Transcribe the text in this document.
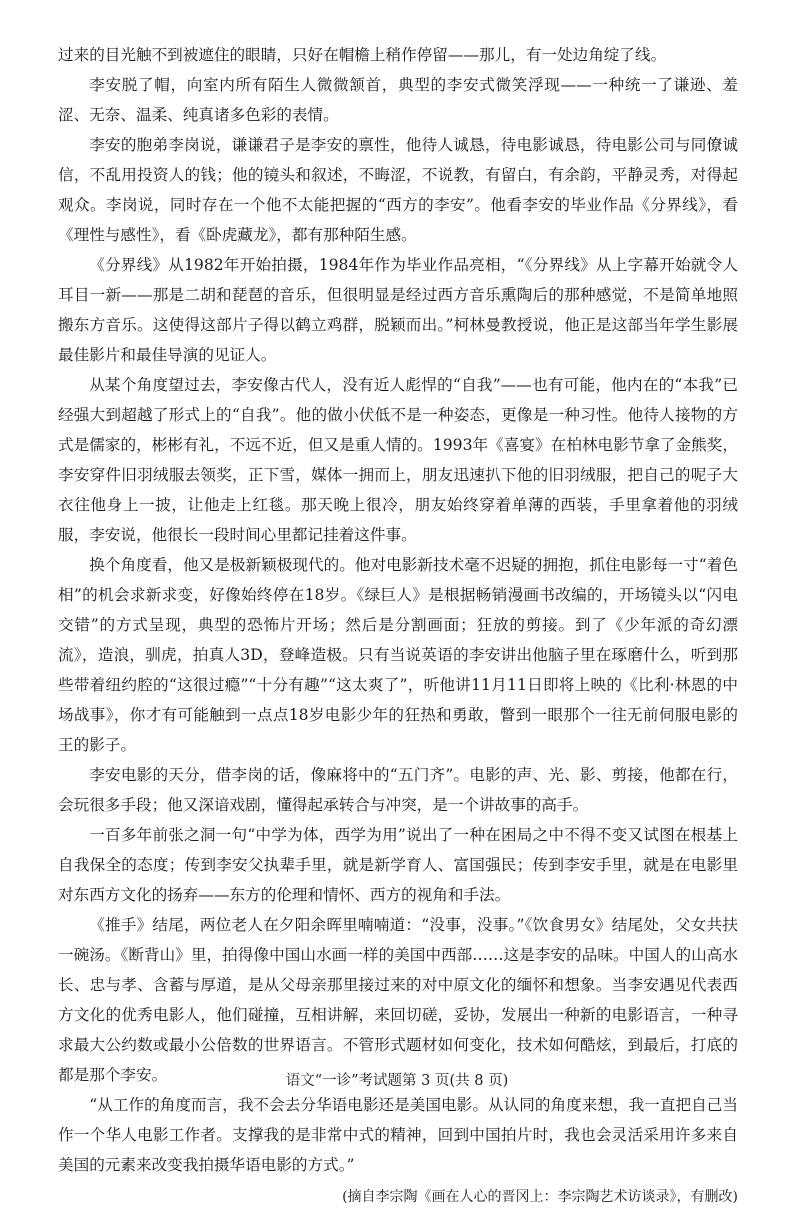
过来的目光触不到被遮住的眼睛，只好在帽檐上稍作停留——那儿，有一处边角绽了线。

李安脱了帽，向室内所有陌生人微微颔首，典型的李安式微笑浮现——一种统一了谦逊、羞涩、无奈、温柔、纯真诸多色彩的表情。

李安的胞弟李岗说，谦谦君子是李安的禀性，他待人诚恳，待电影诚恳，待电影公司与同僚诚信，不乱用投资人的钱；他的镜头和叙述，不晦涩，不说教，有留白，有余韵，平静灵秀，对得起观众。李岗说，同时存在一个他不太能把握的“西方的李安”。他看李安的毕业作品《分界线》，看《理性与感性》，看《卧虎藏龙》，都有那种陌生感。

《分界线》从1982年开始拍摄，1984年作为毕业作品亮相，“《分界线》从上字幕开始就令人耳目一新——那是二胡和琵琶的音乐，但很明显是经过西方音乐熏陶后的那种感觉，不是简单地照搬东方音乐。这使得这部片子得以鹤立鸡群，脱颖而出。”柯林曼教授说，他正是这部当年学生影展最佳影片和最佳导演的见证人。

从某个角度望过去，李安像古代人，没有近人彪悍的“自我”——也有可能，他内在的“本我”已经强大到超越了形式上的“自我”。他的做小伏低不是一种姿态，更像是一种习性。他待人接物的方式是儒家的，彬彬有礼，不远不近，但又是重人情的。1993年《喜宴》在柏林电影节拿了金熊奖，李安穿件旧羽绒服去领奖，正下雪，媒体一拥而上，朋友迅速扒下他的旧羽绒服，把自己的呢子大衣往他身上一披，让他走上红毯。那天晚上很冷，朋友始终穿着单薄的西装，手里拿着他的羽绒服，李安说，他很长一段时间心里都记挂着这件事。

换个角度看，他又是极新颖极现代的。他对电影新技术毫不迟疑的拥抱，抓住电影每一寸“着色相”的机会求新求变，好像始终停在18岁。《绿巨人》是根据畅销漫画书改编的，开场镜头以“闪电交错”的方式呈现，典型的恐怖片开场；然后是分割画面；狂放的剪接。到了《少年派的奇幻漂流》，造浪，驯虎，拍真人3D，登峰造极。只有当说英语的李安讲出他脑子里在琢磨什么，听到那些带着纽约腔的“这很过瘾”“十分有趣”“这太爽了”，听他讲11月11日即将上映的《比利·林恩的中场战事》，你才有可能触到一点点18岁电影少年的狂热和勇敢，瞥到一眼那个一往无前伺服电影的王的影子。

李安电影的天分，借李岗的话，像麻将中的“五门齐”。电影的声、光、影、剪接，他都在行，会玩很多手段；他又深谙戏剧，懂得起承转合与冲突，是一个讲故事的高手。

一百多年前张之洞一句“中学为体，西学为用”说出了一种在困局之中不得不变又试图在根基上自我保全的态度；传到李安父执辈手里，就是新学育人、富国强民；传到李安手里，就是在电影里对东西方文化的扬弃——东方的伦理和情怀、西方的视角和手法。

《推手》结尾，两位老人在夕阳余晖里喃喃道：“没事，没事。”《饮食男女》结尾处，父女共扶一碗汤。《断背山》里，拍得像中国山水画一样的美国中西部……这是李安的品味。中国人的山高水长、忠与孝、含蓄与厚道，是从父母亲那里接过来的对中原文化的缅怀和想象。当李安遇见代表西方文化的优秀电影人，他们碰撞，互相讲解，来回切磋，妥协，发展出一种新的电影语言，一种寻求最大公约数或最小公倍数的世界语言。不管形式题材如何变化，技术如何酷炫，到最后，打底的都是那个李安。

“从工作的角度而言，我不会去分华语电影还是美国电影。从认同的角度来想，我一直把自己当作一个华人电影工作者。支撑我的是非常中式的精神，回到中国拍片时，我也会灵活采用许多来自美国的元素来改变我拍摄华语电影的方式。”

(摘自李宗陶《画在人心的晋冈上：李宗陶艺术访谈录》，有删改)
语文“一诊”考试题第 3 页(共 8 页)
